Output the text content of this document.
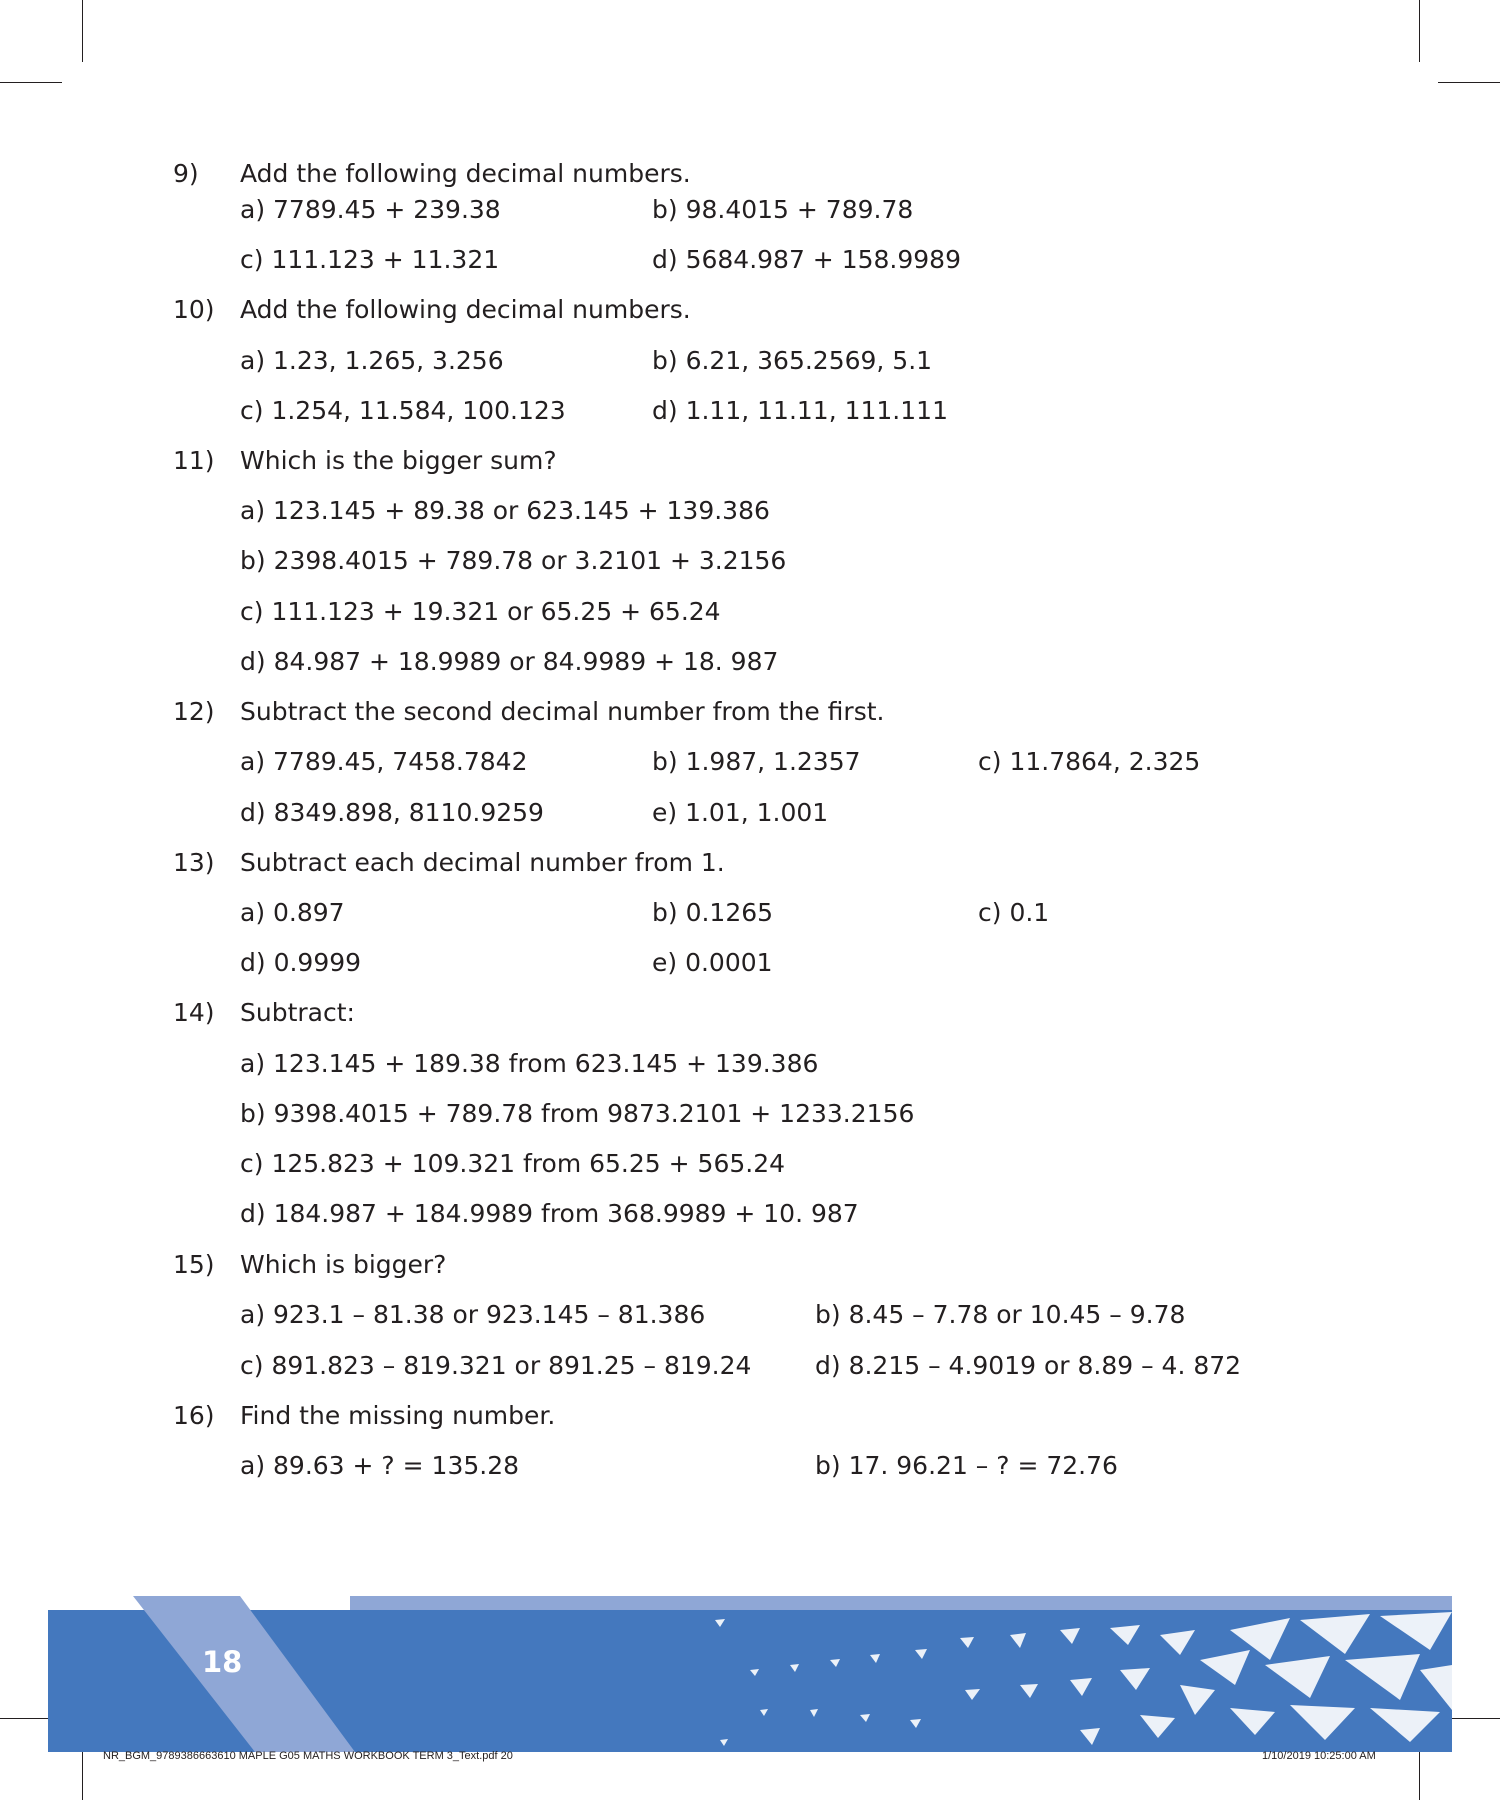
9) Add the following decimal numbers.
a) 7789.45 + 239.38	b) 98.4015 + 789.78
c) 111.123 + 11.321	d) 5684.987 + 158.9989
10) Add the following decimal numbers.
a) 1.23, 1.265, 3.256	b) 6.21, 365.2569, 5.1
c) 1.254, 11.584, 100.123	d) 1.11, 11.11, 111.111
11) Which is the bigger sum?
a) 123.145 + 89.38 or 623.145 + 139.386
b) 2398.4015 + 789.78 or 3.2101 + 3.2156
c) 111.123 + 19.321 or 65.25 + 65.24
d) 84.987 + 18.9989 or 84.9989 + 18. 987
12) Subtract the second decimal number from the first.
a) 7789.45, 7458.7842	b) 1.987, 1.2357	c) 11.7864, 2.325
d) 8349.898, 8110.9259	e) 1.01, 1.001
13) Subtract each decimal number from 1.
a) 0.897	b) 0.1265	c) 0.1
d) 0.9999	e) 0.0001
14) Subtract:
a) 123.145 + 189.38 from 623.145 + 139.386
b) 9398.4015 + 789.78 from 9873.2101 + 1233.2156
c) 125.823 + 109.321 from 65.25 + 565.24
d) 184.987 + 184.9989 from 368.9989 + 10. 987
15) Which is bigger?
a) 923.1 – 81.38 or 923.145 – 81.386	b) 8.45 – 7.78 or 10.45 – 9.78
c) 891.823 – 819.321 or 891.25 – 819.24	d) 8.215 – 4.9019 or 8.89 – 4. 872
16) Find the missing number.
a) 89.63 + ? = 135.28	b) 17. 96.21 – ? = 72.76
18
NR_BGM_9789386663610 MAPLE G05 MATHS WORKBOOK TERM 3_Text.pdf 20	1/10/2019 10:25:00 AM
